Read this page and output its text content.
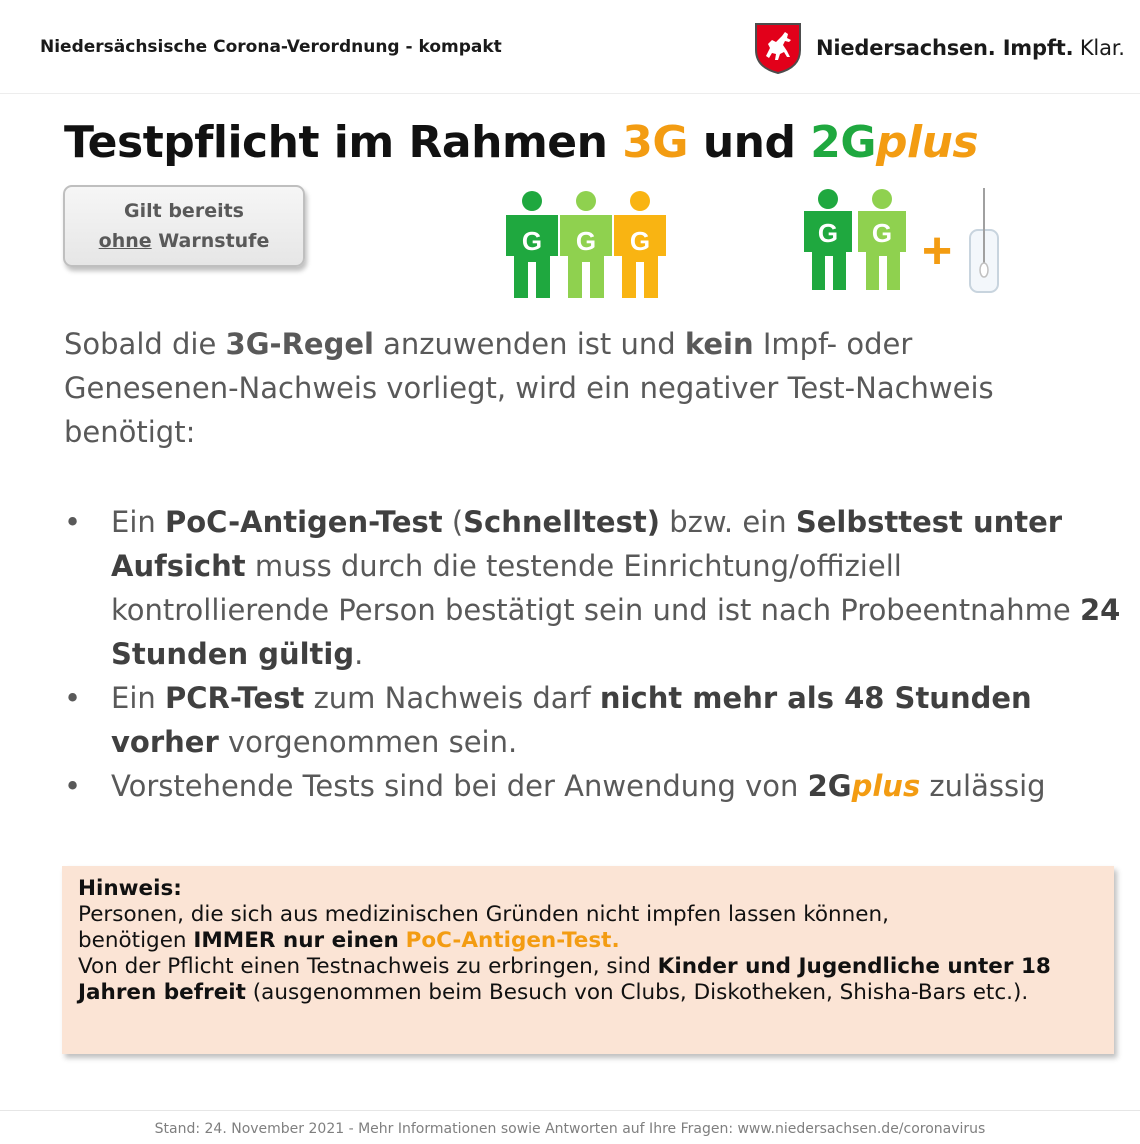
Niedersächsische Corona-Verordnung - kompakt	Niedersachsen. Impft. Klar.
Testpflicht im Rahmen 3G und 2Gplus
Gilt bereits
ohne Warnstufe	G G G	G G +
Sobald die 3G-Regel anzuwenden ist und kein Impf- oder Genesenen-Nachweis vorliegt, wird ein negativer Test-Nachweis benötigt:
• Ein PoC-Antigen-Test (Schnelltest) bzw. ein Selbsttest unter Aufsicht muss durch die testende Einrichtung/offiziell kontrollierende Person bestätigt sein und ist nach Probeentnahme 24 Stunden gültig.
• Ein PCR-Test zum Nachweis darf nicht mehr als 48 Stunden vorher vorgenommen sein.
• Vorstehende Tests sind bei der Anwendung von 2Gplus zulässig
Hinweis:
Personen, die sich aus medizinischen Gründen nicht impfen lassen können,
benötigen IMMER nur einen PoC-Antigen-Test.
Von der Pflicht einen Testnachweis zu erbringen, sind Kinder und Jugendliche unter 18 Jahren befreit (ausgenommen beim Besuch von Clubs, Diskotheken, Shisha-Bars etc.).
Stand: 24. November 2021 - Mehr Informationen sowie Antworten auf Ihre Fragen: www.niedersachsen.de/coronavirus
